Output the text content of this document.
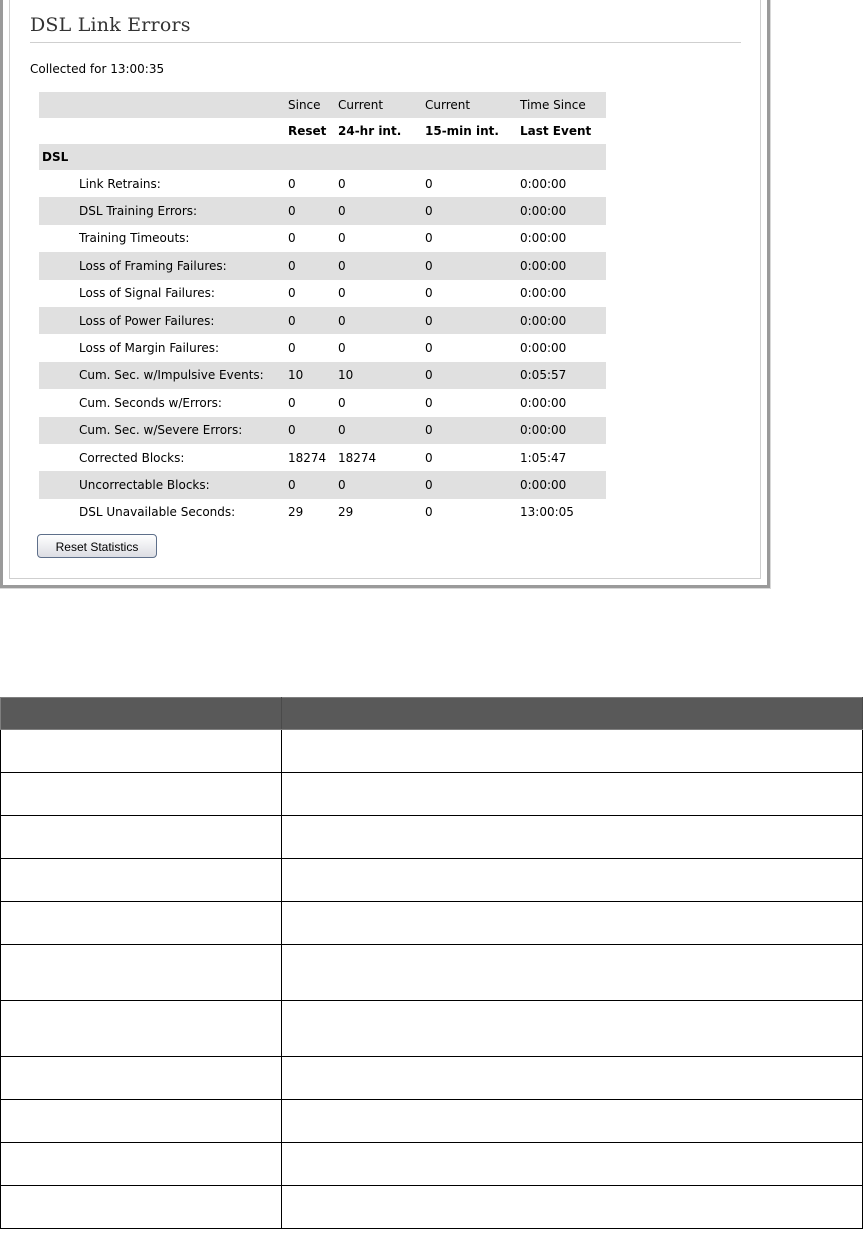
DSL Link Errors
Collected for 13:00:35
	Since	Current	Current	Time Since
	Reset	24-hr int.	15-min int.	Last Event
DSL				
Link Retrains:	0	0	0	0:00:00
DSL Training Errors:	0	0	0	0:00:00
Training Timeouts:	0	0	0	0:00:00
Loss of Framing Failures:	0	0	0	0:00:00
Loss of Signal Failures:	0	0	0	0:00:00
Loss of Power Failures:	0	0	0	0:00:00
Loss of Margin Failures:	0	0	0	0:00:00
Cum. Sec. w/Impulsive Events:	10	10	0	0:05:57
Cum. Seconds w/Errors:	0	0	0	0:00:00
Cum. Sec. w/Severe Errors:	0	0	0	0:00:00
Corrected Blocks:	18274	18274	0	1:05:47
Uncorrectable Blocks:	0	0	0	0:00:00
DSL Unavailable Seconds:	29	29	0	13:00:05
Reset Statistics
